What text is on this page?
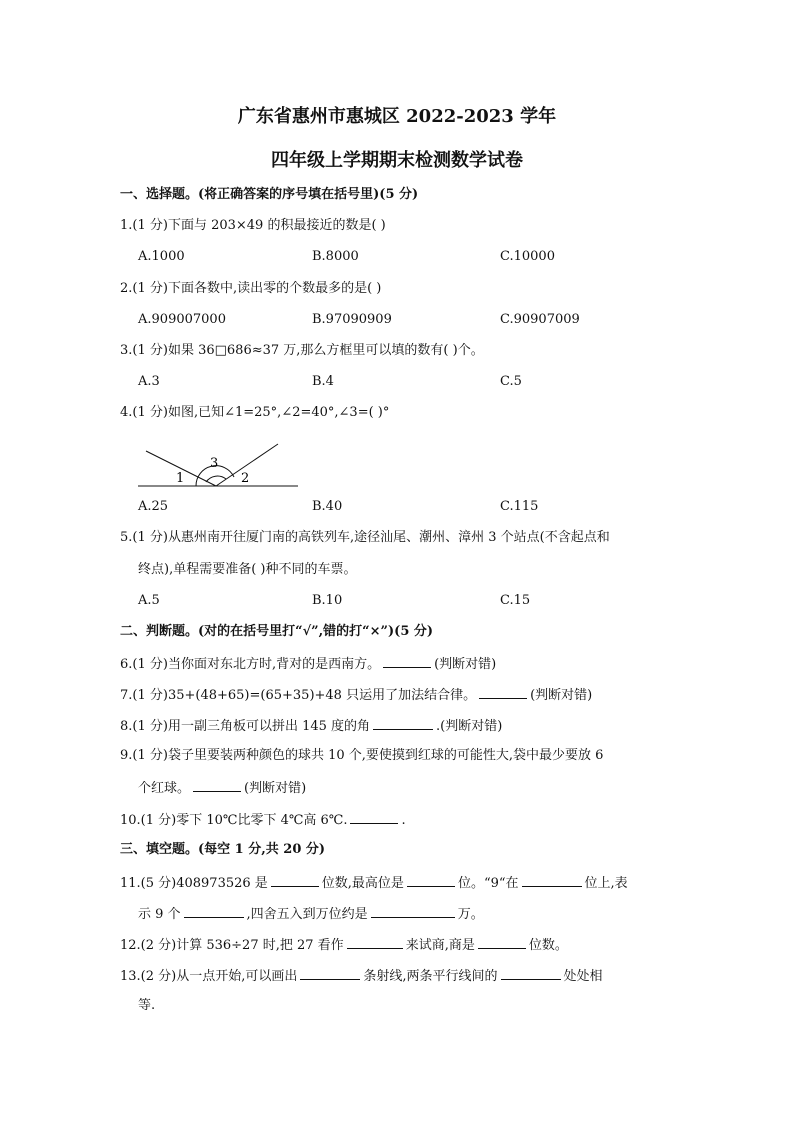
广东省惠州市惠城区 2022-2023 学年
四年级上学期期末检测数学试卷
一、选择题。(将正确答案的序号填在括号里)(5 分)
1.(1 分)下面与 203×49 的积最接近的数是( )
A.1000	B.8000	C.10000
2.(1 分)下面各数中,读出零的个数最多的是( )
A.909007000	B.97090909	C.90907009
3.(1 分)如果 36□686≈37 万,那么方框里可以填的数有( )个。
A.3	B.4	C.5
4.(1 分)如图,已知∠1=25°,∠2=40°,∠3=( )°
1
3
2
A.25	B.40	C.115
5.(1 分)从惠州南开往厦门南的高铁列车,途径汕尾、潮州、漳州 3 个站点(不含起点和
终点),单程需要准备( )种不同的车票。
A.5	B.10	C.15
二、判断题。(对的在括号里打“√”,错的打“×”)(5 分)
6.(1 分)当你面对东北方时,背对的是西南方。	(判断对错)
7.(1 分)35+(48+65)=(65+35)+48 只运用了加法结合律。	(判断对错)
8.(1 分)用一副三角板可以拼出 145 度的角	.(判断对错)
9.(1 分)袋子里要装两种颜色的球共 10 个,要使摸到红球的可能性大,袋中最少要放 6
个红球。	(判断对错)
10.(1 分)零下 10℃比零下 4℃高 6℃.	.
三、填空题。(每空 1 分,共 20 分)
11.(5 分)408973526 是	位数,最高位是	位。“9“在	位上,表
示 9 个	,四舍五入到万位约是	万。
12.(2 分)计算 536÷27 时,把 27 看作	来试商,商是	位数。
13.(2 分)从一点开始,可以画出	条射线,两条平行线间的	处处相
等.
